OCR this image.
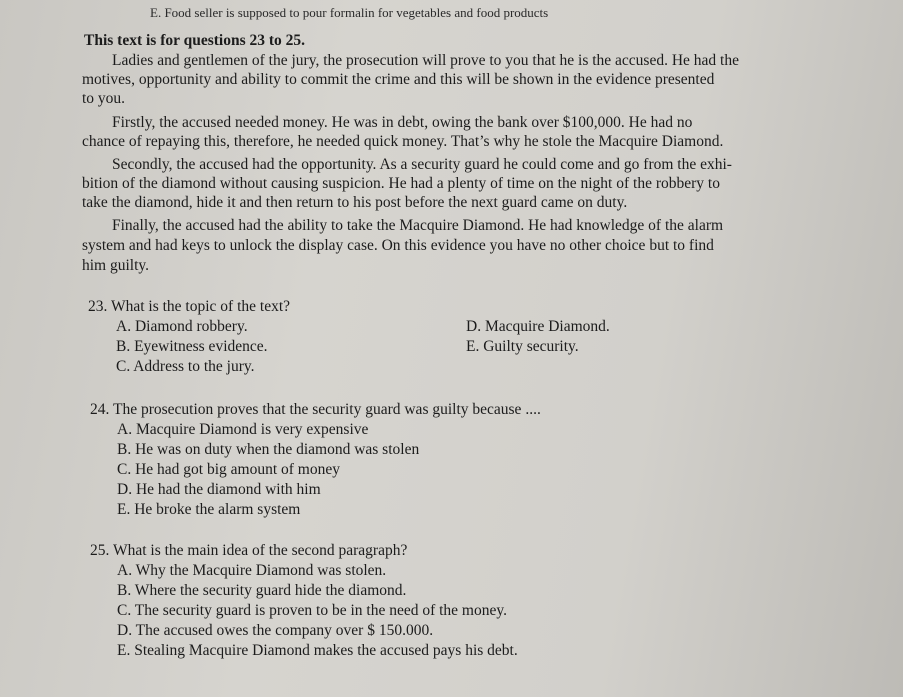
E. Food seller is supposed to pour formalin for vegetables and food products
This text is for questions 23 to 25.
Ladies and gentlemen of the jury, the prosecution will prove to you that he is the accused. He had the
motives, opportunity and ability to commit the crime and this will be shown in the evidence presented
to you.
Firstly, the accused needed money. He was in debt, owing the bank over $100,000. He had no
chance of repaying this, therefore, he needed quick money. That’s why he stole the Macquire Diamond.
Secondly, the accused had the opportunity. As a security guard he could come and go from the exhi-
bition of the diamond without causing suspicion. He had a plenty of time on the night of the robbery to
take the diamond, hide it and then return to his post before the next guard came on duty.
Finally, the accused had the ability to take the Macquire Diamond. He had knowledge of the alarm
system and had keys to unlock the display case. On this evidence you have no other choice but to find
him guilty.
23. What is the topic of the text?
A. Diamond robbery.
B. Eyewitness evidence.
C. Address to the jury.
D. Macquire Diamond.
E. Guilty security.
24. The prosecution proves that the security guard was guilty because ....
A. Macquire Diamond is very expensive
B. He was on duty when the diamond was stolen
C. He had got big amount of money
D. He had the diamond with him
E. He broke the alarm system
25. What is the main idea of the second paragraph?
A. Why the Macquire Diamond was stolen.
B. Where the security guard hide the diamond.
C. The security guard is proven to be in the need of the money.
D. The accused owes the company over $ 150.000.
E. Stealing Macquire Diamond makes the accused pays his debt.
